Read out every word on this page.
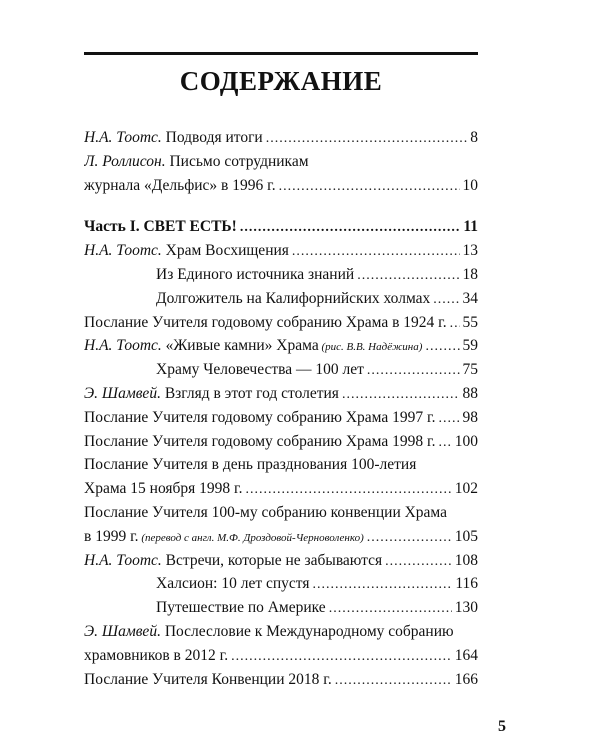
СОДЕРЖАНИЕ
Н.А. Тоотс. Подводя итоги .....	8
Л. Роллисон. Письмо сотрудникам
журнала «Дельфис» в 1996 г. .....	10
Часть I. СВЕТ ЕСТЬ! .....	11
Н.А. Тоотс. Храм Восхищения .....	13
Из Единого источника знаний .....	18
Долгожитель на Калифорнийских холмах ..... 34
Послание Учителя годовому собранию Храма в 1924 г. ..... 55
Н.А. Тоотс. «Живые камни» Храма (рис. В.В. Надёжина) .....	59
Храму Человечества — 100 лет .....	75
Э. Шамвей. Взгляд в этот год столетия .....	88
Послание Учителя годовому собранию Храма 1997 г. ..... 98
Послание Учителя годовому собранию Храма 1998 г. ..... 100
Послание Учителя в день празднования 100-летия
Храма 15 ноября 1998 г. .....	102
Послание Учителя 100-му собранию конвенции Храма
в 1999 г. (перевод с англ. М.Ф. Дроздовой-Черноволенко) .....	105
Н.А. Тоотс. Встречи, которые не забываются .....	108
Халсион: 10 лет спустя .....	116
Путешествие по Америке .....	130
Э. Шамвей. Послесловие к Международному собранию
храмовников в 2012 г. .....	164
Послание Учителя Конвенции 2018 г. .....	166
5
